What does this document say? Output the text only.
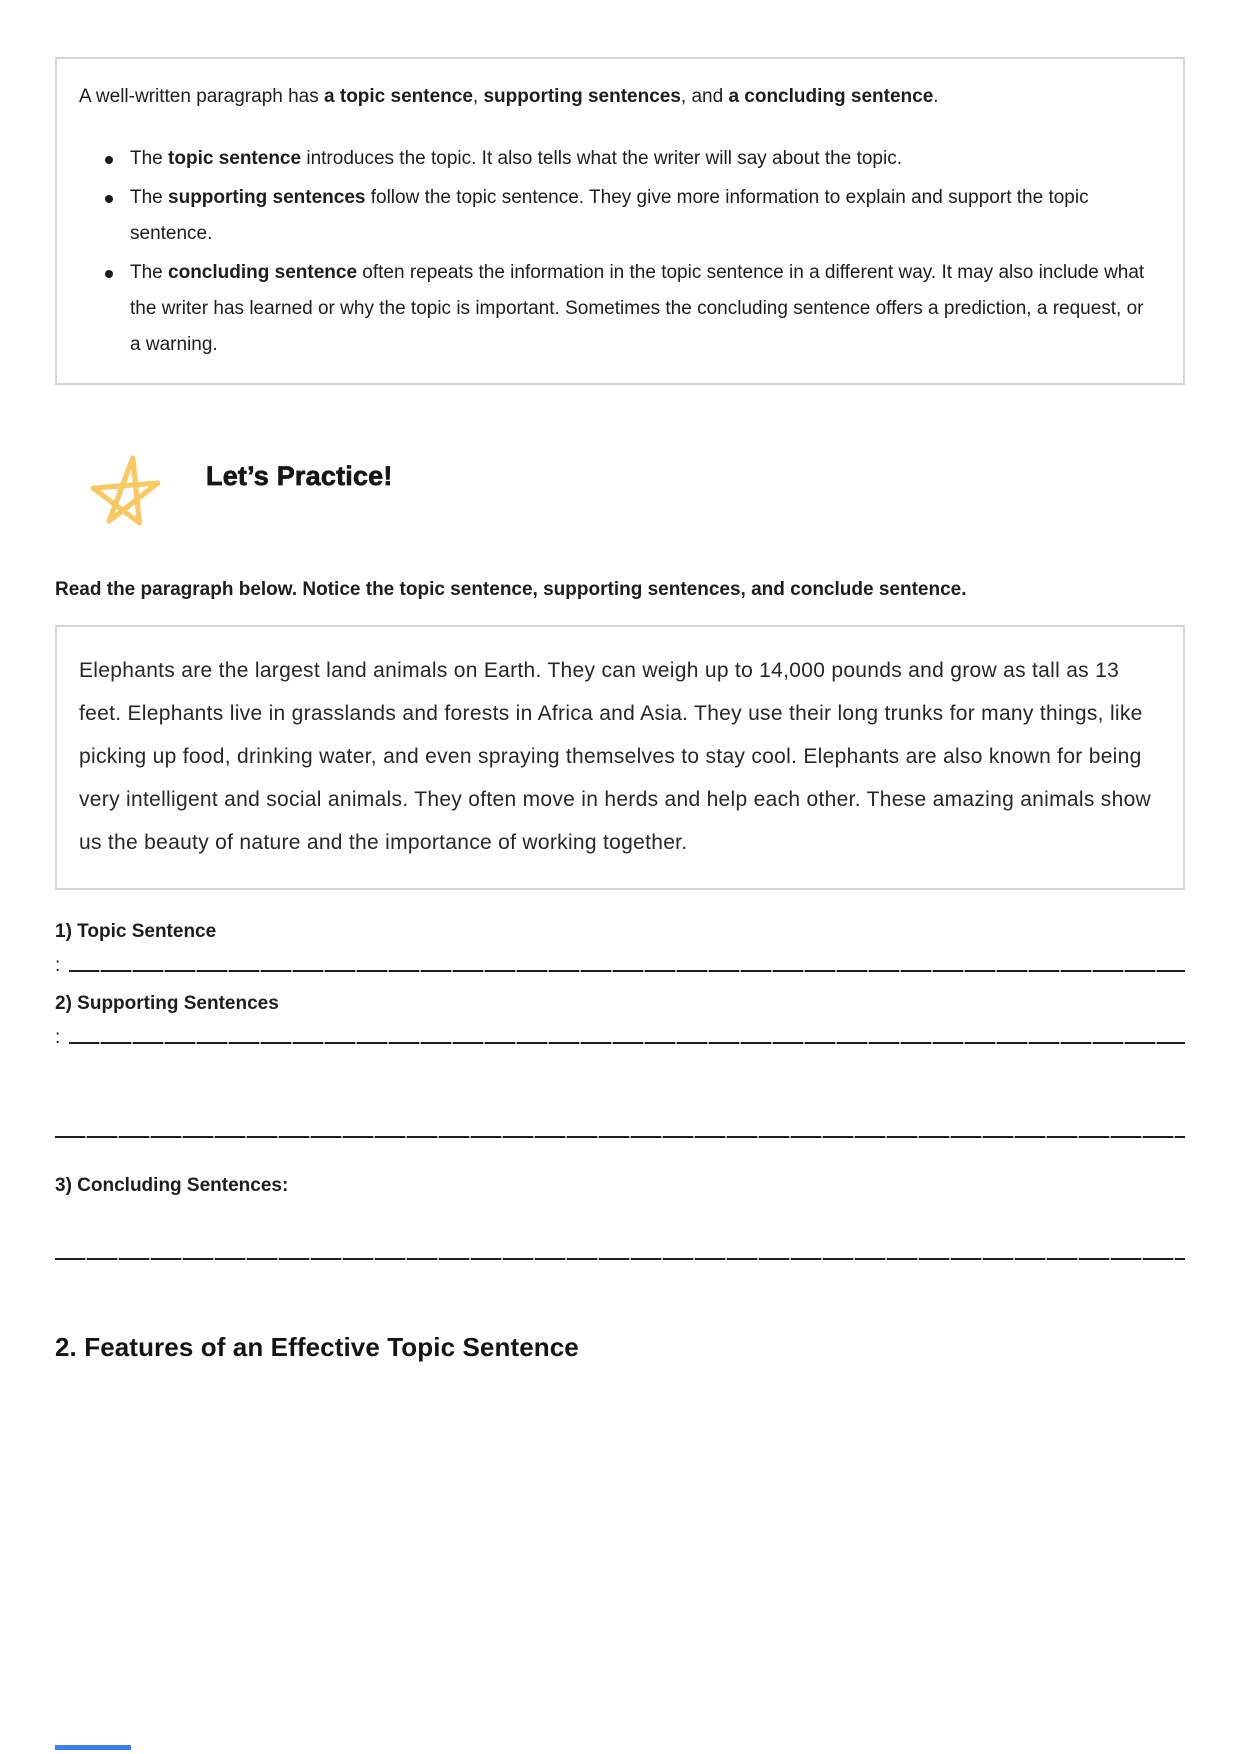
A well-written paragraph has a topic sentence, supporting sentences, and a concluding sentence.

The topic sentence introduces the topic. It also tells what the writer will say about the topic.
The supporting sentences follow the topic sentence. They give more information to explain and support the topic sentence.
The concluding sentence often repeats the information in the topic sentence in a different way. It may also include what the writer has learned or why the topic is important. Sometimes the concluding sentence offers a prediction, a request, or a warning.
Let’s Practice!

Read the paragraph below. Notice the topic sentence, supporting sentences, and conclude sentence.

Elephants are the largest land animals on Earth. They can weigh up to 14,000 pounds and grow as tall as 13 feet. Elephants live in grasslands and forests in Africa and Asia. They use their long trunks for many things, like picking up food, drinking water, and even spraying themselves to stay cool. Elephants are also known for being very intelligent and social animals. They often move in herds and help each other. These amazing animals show us the beauty of nature and the importance of working together.

1) Topic Sentence

:

2) Supporting Sentences

:

3) Concluding Sentences:

2. Features of an Effective Topic Sentence
